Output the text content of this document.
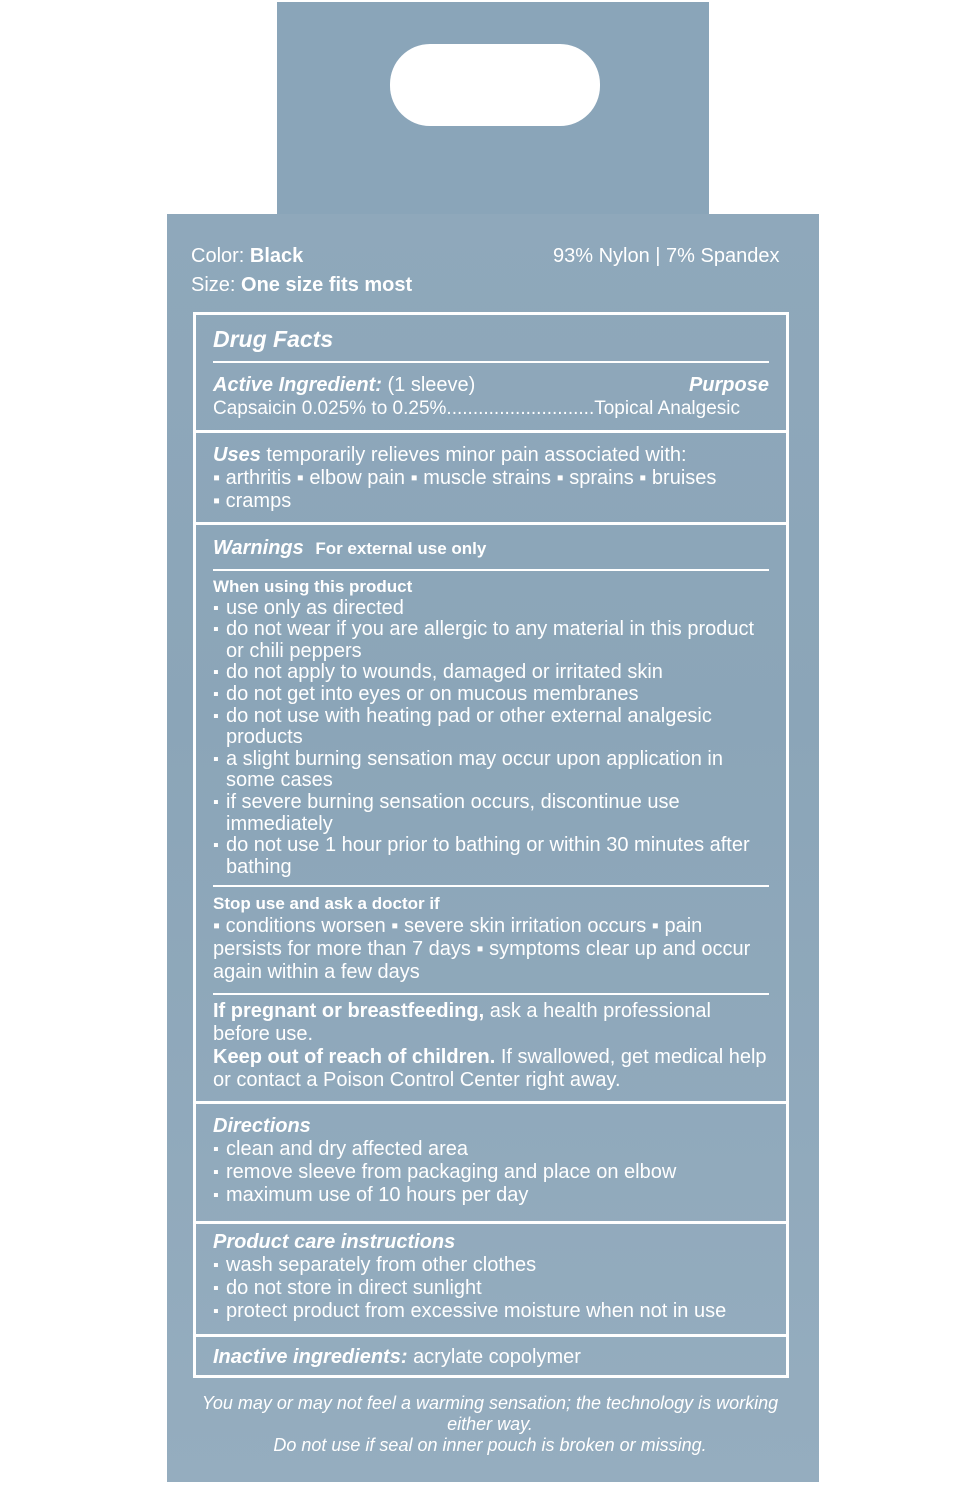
Color: Black
Size: One size fits most
93% Nylon | 7% Spandex
Drug Facts
Active Ingredient: (1 sleeve)	Purpose
Capsaicin 0.025% to 0.25%............................Topical Analgesic
Uses temporarily relieves minor pain associated with:
▪ arthritis ▪ elbow pain ▪ muscle strains ▪ sprains ▪ bruises
▪ cramps
Warnings For external use only
When using this product
▪ use only as directed
▪ do not wear if you are allergic to any material in this product or chili peppers
▪ do not apply to wounds, damaged or irritated skin
▪ do not get into eyes or on mucous membranes
▪ do not use with heating pad or other external analgesic products
▪ a slight burning sensation may occur upon application in some cases
▪ if severe burning sensation occurs, discontinue use immediately
▪ do not use 1 hour prior to bathing or within 30 minutes after bathing
Stop use and ask a doctor if
▪ conditions worsen ▪ severe skin irritation occurs ▪ pain persists for more than 7 days ▪ symptoms clear up and occur again within a few days
If pregnant or breastfeeding, ask a health professional before use.
Keep out of reach of children. If swallowed, get medical help or contact a Poison Control Center right away.
Directions
▪ clean and dry affected area
▪ remove sleeve from packaging and place on elbow
▪ maximum use of 10 hours per day
Product care instructions
▪ wash separately from other clothes
▪ do not store in direct sunlight
▪ protect product from excessive moisture when not in use
Inactive ingredients: acrylate copolymer
You may or may not feel a warming sensation; the technology is working either way.
Do not use if seal on inner pouch is broken or missing.
